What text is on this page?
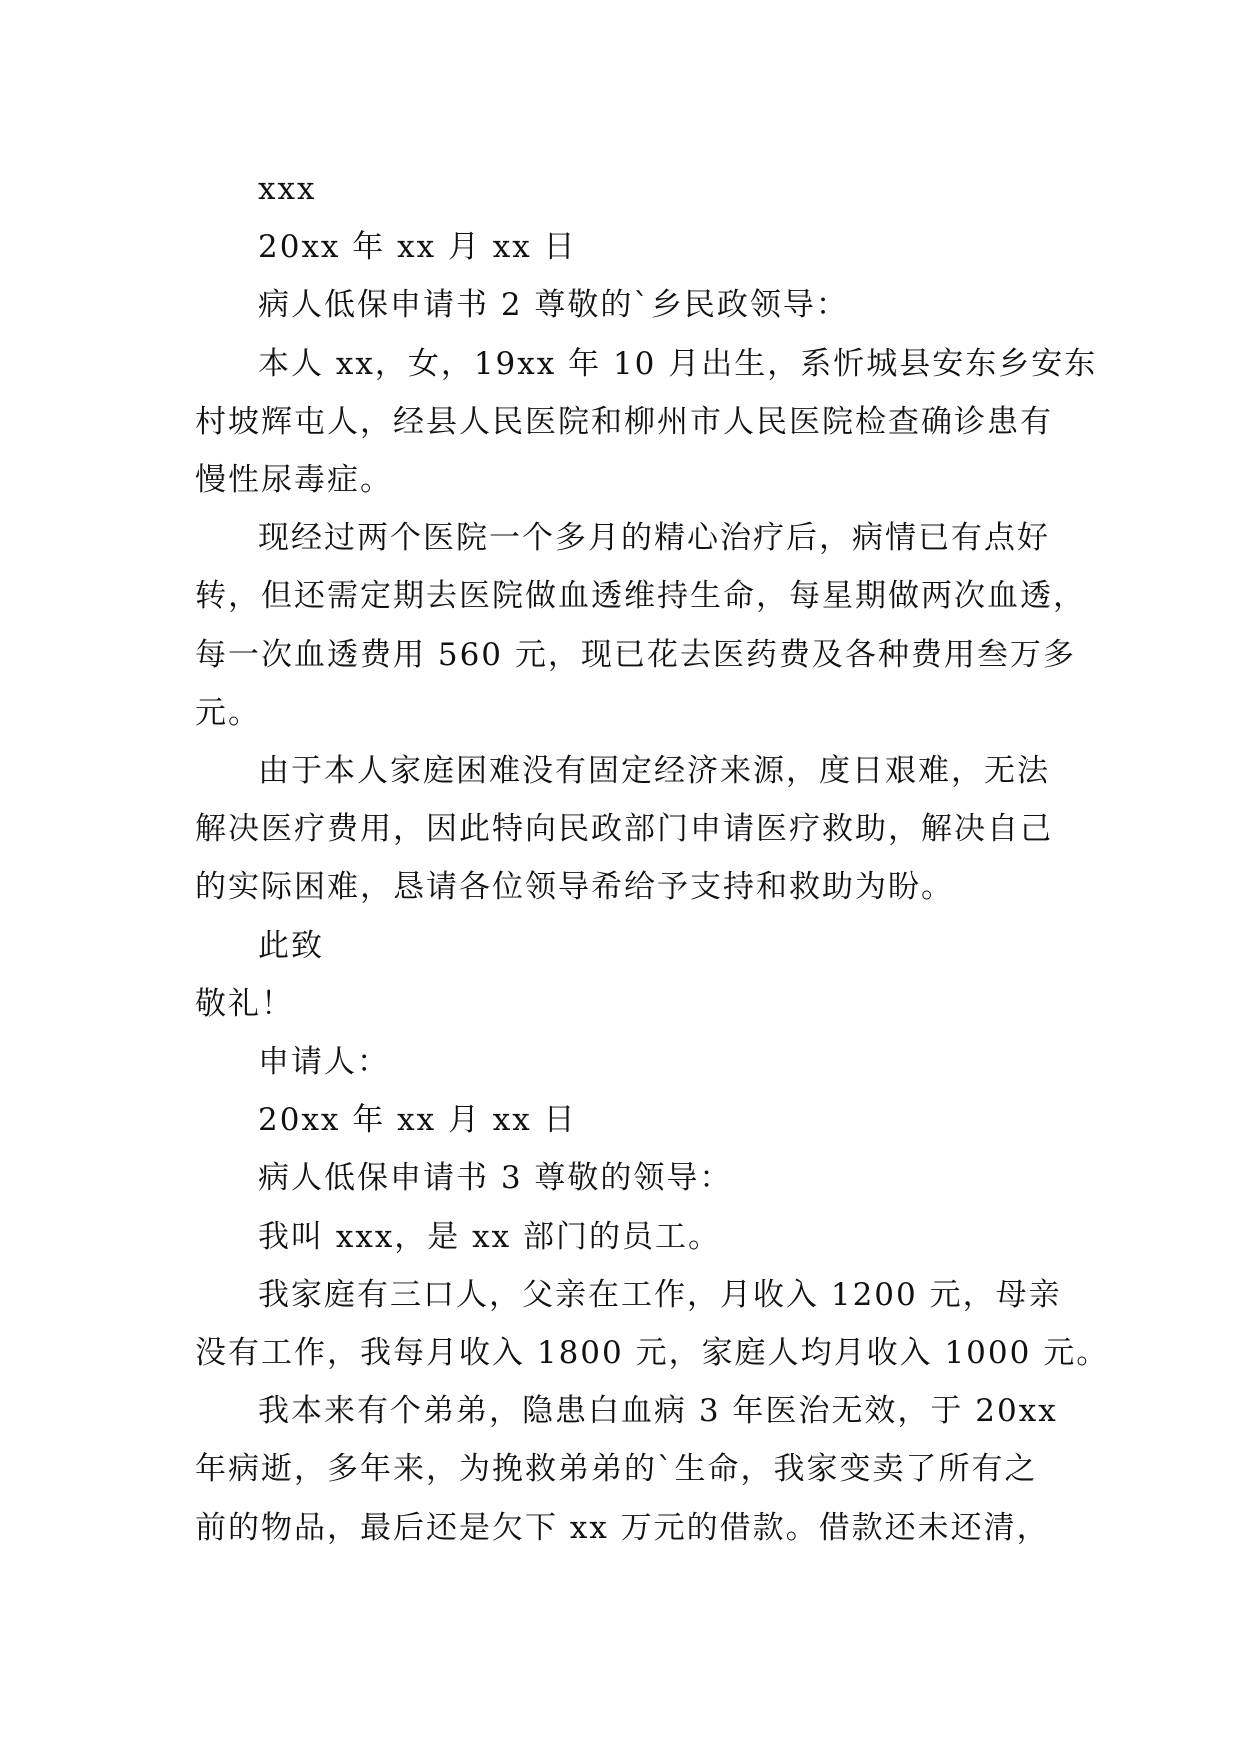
xxx
20xx 年 xx 月 xx 日
病人低保申请书 2 尊敬的`乡民政领导：
本人 xx，女，19xx 年 10 月出生，系忻城县安东乡安东
村坡辉屯人，经县人民医院和柳州市人民医院检查确诊患有
慢性尿毒症。
现经过两个医院一个多月的精心治疗后，病情已有点好
转，但还需定期去医院做血透维持生命，每星期做两次血透，
每一次血透费用 560 元，现已花去医药费及各种费用叁万多
元。
由于本人家庭困难没有固定经济来源，度日艰难，无法
解决医疗费用，因此特向民政部门申请医疗救助，解决自己
的实际困难，恳请各位领导希给予支持和救助为盼。
此致
敬礼！
申请人：
20xx 年 xx 月 xx 日
病人低保申请书 3 尊敬的领导：
我叫 xxx，是 xx 部门的员工。
我家庭有三口人，父亲在工作，月收入 1200 元，母亲
没有工作，我每月收入 1800 元，家庭人均月收入 1000 元。
我本来有个弟弟，隐患白血病 3 年医治无效，于 20xx
年病逝，多年来，为挽救弟弟的`生命，我家变卖了所有之
前的物品，最后还是欠下 xx 万元的借款。借款还未还清，
